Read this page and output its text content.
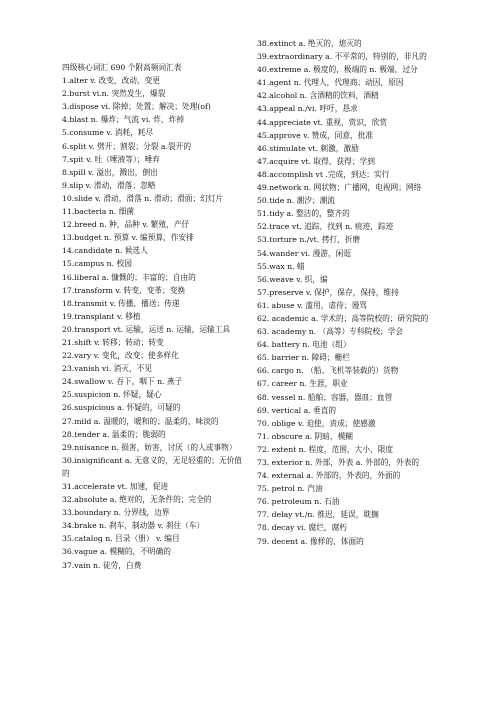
四级核心词汇 690 个附高频词汇表

1.alter v. 改变，改动，变更

2.burst vi.n. 突然发生，爆裂

3.dispose vi. 除掉；处置；解决；处理(of)

4.blast n. 爆炸；气流 vi. 炸，炸掉

5.consume v. 消耗，耗尽

6.split v. 劈开；割裂；分裂 a.裂开的

7.spit v. 吐（唾液等）；唾弃

8.spill v. 溢出，溅出，倒出

9.slip v. 滑动，滑落；忽略

10.slide v. 滑动，滑落 n. 滑动；滑面；幻灯片

11.bacteria n. 细菌

12.breed n. 种，品种 v. 繁殖，产仔

13.budget n. 预算 v. 编预算，作安排

14.candidate n. 候选人

15.campus n. 校园

16.liberal a. 慷慨的；丰富的；自由的

17.transform v. 转变，变革；变换

18.transmit v. 传播，播送；传递

19.transplant v. 移植

20.transport vt. 运输，运送 n. 运输，运输工具

21.shift v. 转移；转动；转变

22.vary v. 变化，改变；使多样化

23.vanish vi. 消灭，不见

24.swallow v. 吞下，咽下 n. 燕子

25.suspicion n. 怀疑，疑心

26.suspicious a. 怀疑的，可疑的

27.mild a. 温暖的，暖和的；温柔的，味淡的

28.tender a. 温柔的；脆弱的

29.nuisance n. 损害，妨害，讨厌（的人或事物）

30.insignificant a. 无意义的，无足轻重的；无价值的

31.accelerate vt. 加速，促进

32.absolute a. 绝对的，无条件的；完全的

33.boundary n. 分界线，边界

34.brake n. 刹车，制动器 v. 刹住（车）

35.catalog n. 目录（册） v. 编目

36.vague a. 模糊的，不明确的

37.vain n. 徒劳，白费

38.extinct a. 绝灭的，熄灭的

39.extraordinary a. 不平常的，特别的，非凡的

40.extreme a. 极度的，极端的 n. 极端，过分

41.agent n. 代理人，代理商；动因，原因

42.alcohol n. 含酒精的饮料，酒精

43.appeal n./vi. 呼吁，恳求

44.appreciate vt. 重视，赏识，欣赏

45.approve v. 赞成，同意，批准

46.stimulate vt. 刺激，激励

47.acquire vt. 取得，获得；学到

48.accomplish vt .完成，到达；实行

49.network n. 网状物；广播网，电视网；网络

50.tide n. 潮汐；潮流

51.tidy a. 整洁的，整齐的

52.trace vt. 追踪，找到 n. 痕迹，踪迹

53.torture n./vt. 拷打，折磨

54.wander vi. 漫游，闲逛

55.wax n. 蜡

56.weave v. 织，编

57.preserve v. 保护，保存，保持，维持

61. abuse v. 滥用，虐待；谩骂

62. academic a. 学术的；高等院校的；研究院的

63. academy n. （高等）专科院校；学会

64. battery n. 电池（组）

65. barrier n. 障碍；栅栏

66. cargo n. （船、飞机等装载的）货物

67. career n. 生涯，职业

68. vessel n. 船舶；容器，器皿；血管

69. vertical a. 垂直的

70. oblige v. 迫使，责成；使感激

71. obscure a. 阴暗，模糊

72. extent n. 程度，范围，大小，限度

73. exterior n. 外部，外表 a. 外部的，外表的

74. external a. 外部的，外表的，外面的

75. petrol n. 汽油

76. petroleum n. 石油

77. delay vt./n. 推迟，延误，耽搁

78. decay vi. 腐烂，腐朽

79. decent a. 像样的，体面的
